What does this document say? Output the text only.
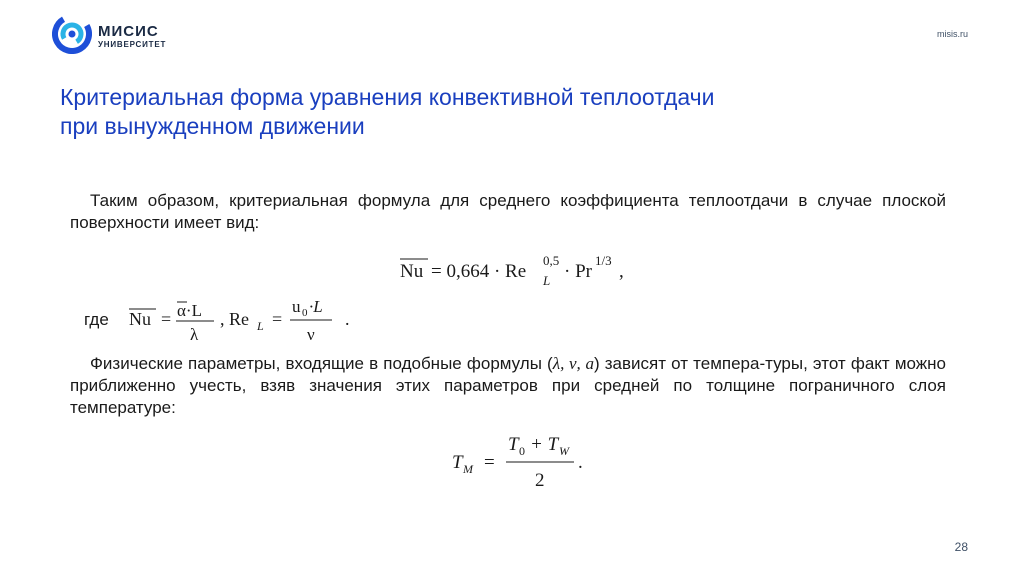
МИСИС
УНИВЕРСИТЕТ
misis.ru
Критериальная форма уравнения конвективной теплоотдачи
при вынужденном движении
Таким образом, критериальная формула для среднего коэффициента теплоотдачи в случае плоской поверхности имеет вид:
Nu = 0,664 · Re
0,5
L · Pr
1/3
,
где Nu = α·L
λ
, Re L =
u 0 ·L
ν
.
Физические параметры, входящие в подобные формулы (λ, ν, a) зависят от темпера-туры, этот факт можно приближенно учесть, взяв значения этих параметров при средней по толщине пограничного слоя температуре:
T M =
T 0 + T W
2
.
28
